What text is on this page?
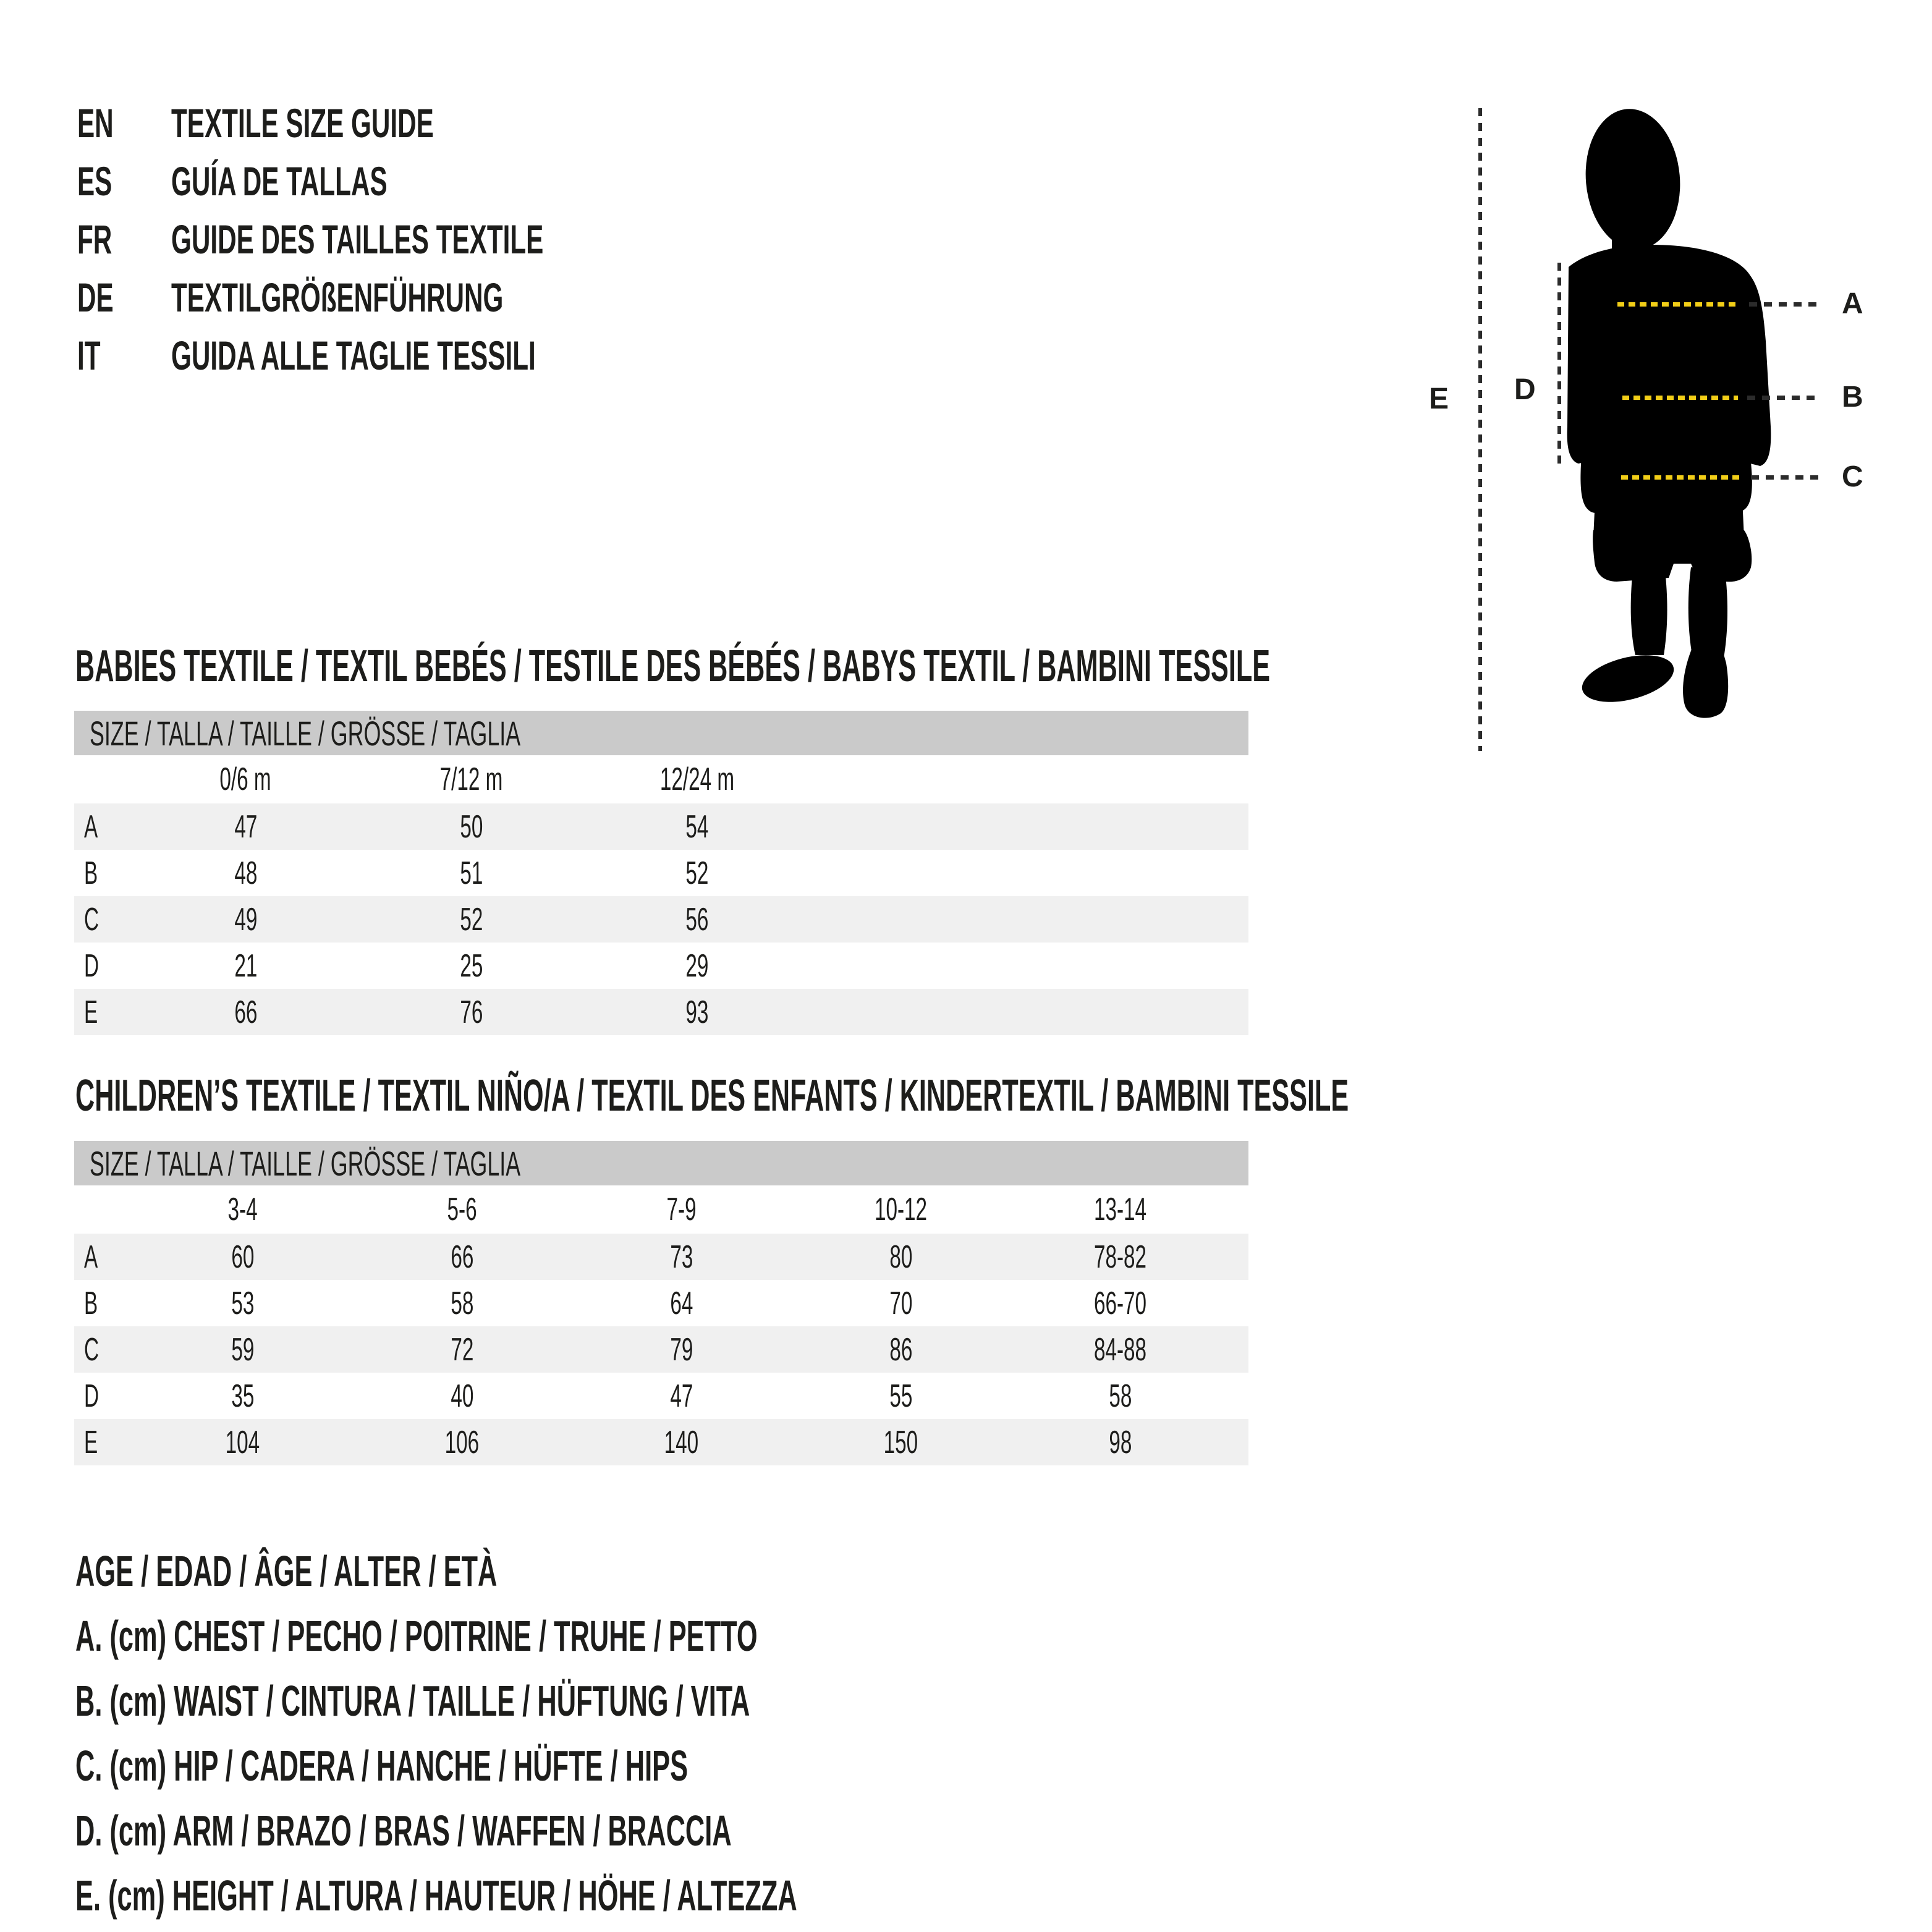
EN	TEXTILE SIZE GUIDE
ES	GUÍA DE TALLAS
FR	GUIDE DES TAILLES TEXTILE
DE	TEXTILGRÖßENFÜHRUNG
IT	GUIDA ALLE TAGLIE TESSILI
E D
A
B
C
BABIES TEXTILE / TEXTIL BEBÉS / TESTILE DES BÉBÉS / BABYS TEXTIL / BAMBINI TESSILE
SIZE / TALLA / TAILLE / GRÖSSE / TAGLIA
0/6 m	7/12 m	12/24 m
A	47	50	54
B	48	51	52
C	49	52	56
D	21	25	29
E	66	76	93
CHILDREN’S TEXTILE / TEXTIL NIÑO/A / TEXTIL DES ENFANTS / KINDERTEXTIL / BAMBINI TESSILE
SIZE / TALLA / TAILLE / GRÖSSE / TAGLIA
3-4	5-6	7-9	10-12	13-14
A	60	66	73	80	78-82
B	53	58	64	70	66-70
C	59	72	79	86	84-88
D	35	40	47	55	58
E	104	106	140	150	98
AGE / EDAD / ÂGE / ALTER / ETÀ
A. (cm) CHEST / PECHO / POITRINE / TRUHE / PETTO
B. (cm) WAIST / CINTURA / TAILLE / HÜFTUNG / VITA
C. (cm) HIP / CADERA / HANCHE / HÜFTE / HIPS
D. (cm) ARM / BRAZO / BRAS / WAFFEN / BRACCIA
E. (cm) HEIGHT / ALTURA / HAUTEUR / HÖHE / ALTEZZA
